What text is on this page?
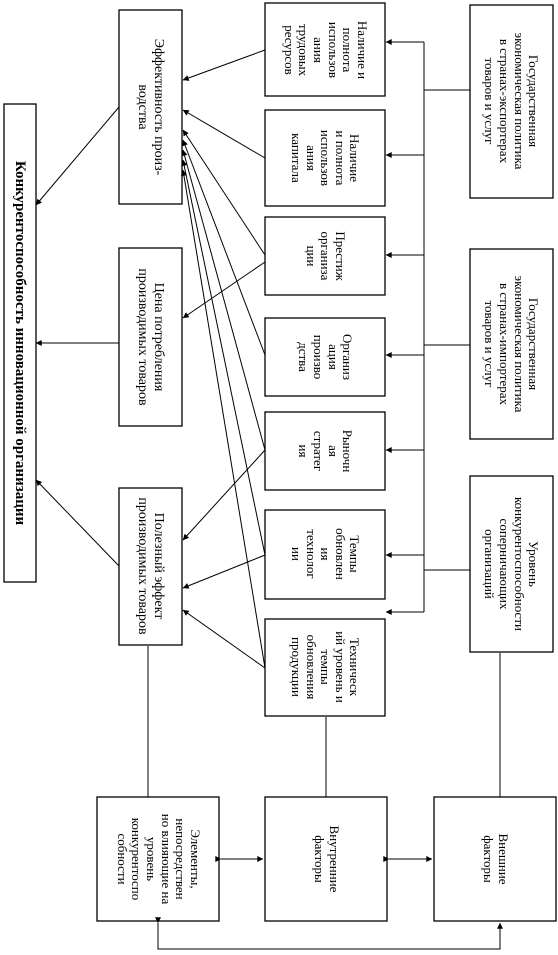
Конкурентоспособность инновационной организации
Эффективность произ-
водства
Цена потребления
производимых товаров
Полезный эффект
производимых товаров
Наличие и
полнота
использов
ания
трудовых
ресурсов
Наличие
и полнота
использов
ания
капитала
Престиж
организа
ции
Организ
ация
произво
дства
Рыночн
ая
стратег
ия
Темпы
обновлен
ия
технолог
ии
Техническ
ий уровень и
темпы
обновления
продукции
Государственная
экономическая политика
в странах-экспортерах
товаров и услуг
Государственная
экономическая политика
в странах-импортерах
товаров и услуг
Уровень
конкурентоспособности
соперничающих
организаций
Элементы,
непосредствен
но влияющие на
уровень
конкурентоспо
собности	Внутренние
факторы	Внешние
факторы
